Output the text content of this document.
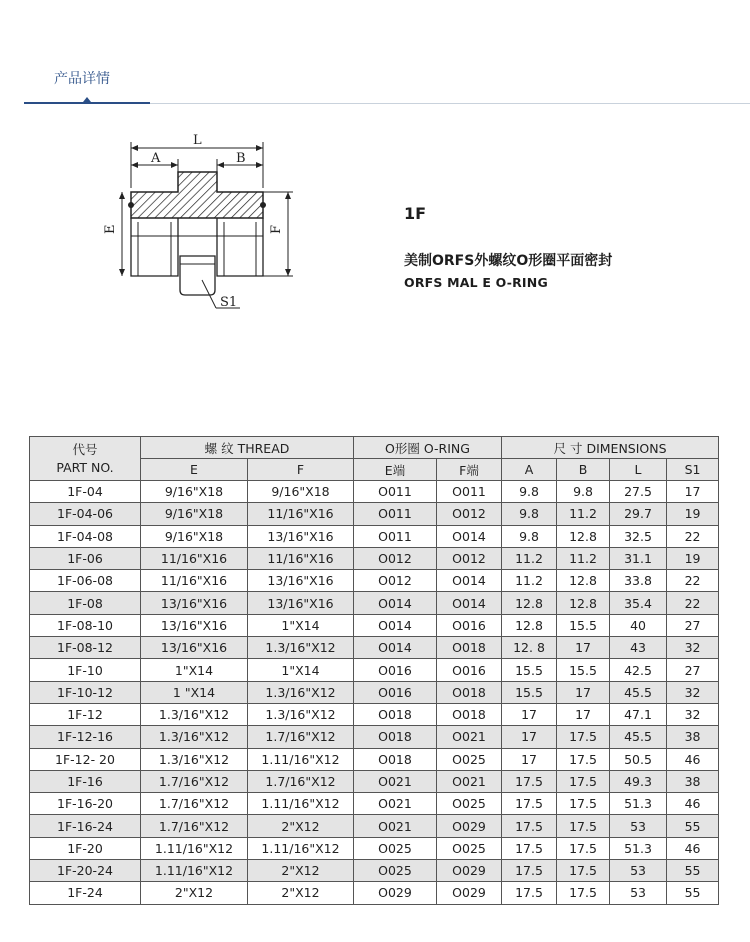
产品详情
L
A	B
E	F
S1
1F
美制ORFS外螺纹O形圈平面密封
ORFS MAL E O-RING
代号
PART NO.	螺 纹 THREAD		O形圈 O-RING		尺 寸 DIMENSIONS			
	E	F	E端	F端	A	B	L	S1
1F-04	9/16"X18	9/16"X18	O011	O011	9.8	9.8	27.5	17
1F-04-06	9/16"X18	11/16"X16	O011	O012	9.8	11.2	29.7	19
1F-04-08	9/16"X18	13/16"X16	O011	O014	9.8	12.8	32.5	22
1F-06	11/16"X16	11/16"X16	O012	O012	11.2	11.2	31.1	19
1F-06-08	11/16"X16	13/16"X16	O012	O014	11.2	12.8	33.8	22
1F-08	13/16"X16	13/16"X16	O014	O014	12.8	12.8	35.4	22
1F-08-10	13/16"X16	1"X14	O014	O016	12.8	15.5	40	27
1F-08-12	13/16"X16	1.3/16"X12	O014	O018	12. 8	17	43	32
1F-10	1"X14	1"X14	O016	O016	15.5	15.5	42.5	27
1F-10-12	1 "X14	1.3/16"X12	O016	O018	15.5	17	45.5	32
1F-12	1.3/16"X12	1.3/16"X12	O018	O018	17	17	47.1	32
1F-12-16	1.3/16"X12	1.7/16"X12	O018	O021	17	17.5	45.5	38
1F-12- 20	1.3/16"X12	1.11/16"X12	O018	O025	17	17.5	50.5	46
1F-16	1.7/16"X12	1.7/16"X12	O021	O021	17.5	17.5	49.3	38
1F-16-20	1.7/16"X12	1.11/16"X12	O021	O025	17.5	17.5	51.3	46
1F-16-24	1.7/16"X12	2"X12	O021	O029	17.5	17.5	53	55
1F-20	1.11/16"X12	1.11/16"X12	O025	O025	17.5	17.5	51.3	46
1F-20-24	1.11/16"X12	2"X12	O025	O029	17.5	17.5	53	55
1F-24	2"X12	2"X12	O029	O029	17.5	17.5	53	55
